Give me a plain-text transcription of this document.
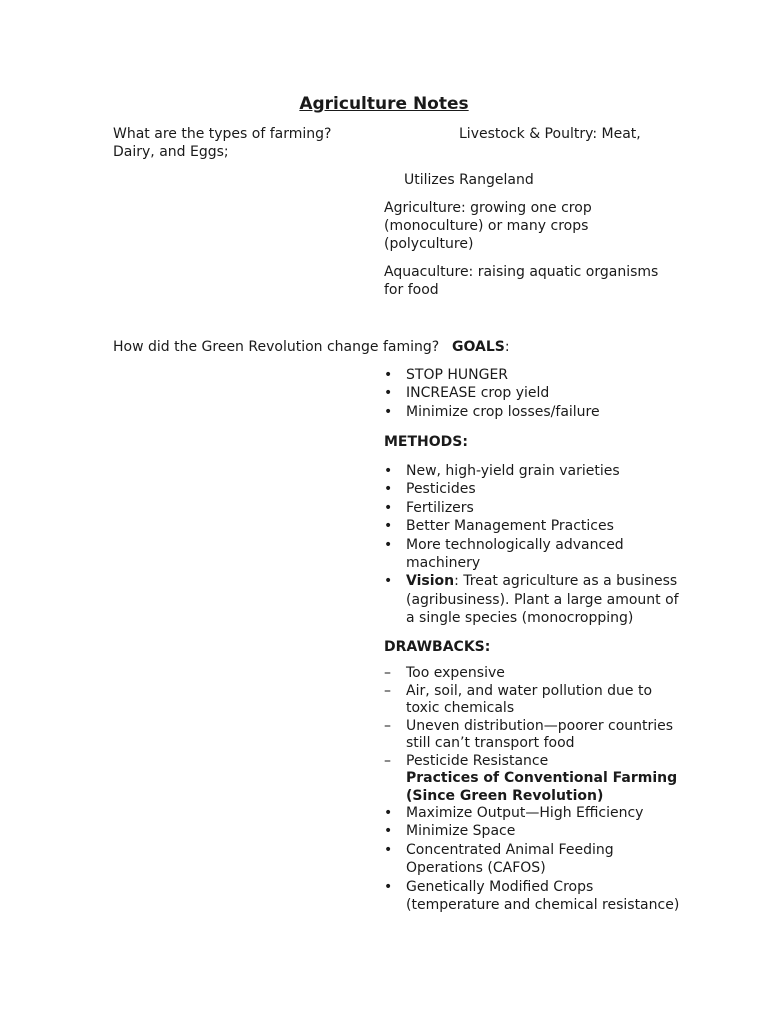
Agriculture Notes
What are the types of farming?	Livestock & Poultry: Meat,
Dairy, and Eggs;
Utilizes Rangeland
Agriculture: growing one crop
(monoculture) or many crops
(polyculture)
Aquaculture: raising aquatic organisms
for food
How did the Green Revolution change faming? GOALS:
• STOP HUNGER
• INCREASE crop yield
• Minimize crop losses/failure
METHODS:
• New, high-yield grain varieties
• Pesticides
• Fertilizers
• Better Management Practices
• More technologically advanced
machinery
• Vision: Treat agriculture as a business
(agribusiness). Plant a large amount of
a single species (monocropping)
DRAWBACKS:
– Too expensive
– Air, soil, and water pollution due to
toxic chemicals
– Uneven distribution—poorer countries
still can’t transport food
– Pesticide Resistance
Practices of Conventional Farming
(Since Green Revolution)
• Maximize Output—High Efficiency
• Minimize Space
• Concentrated Animal Feeding
Operations (CAFOS)
• Genetically Modified Crops
(temperature and chemical resistance)
